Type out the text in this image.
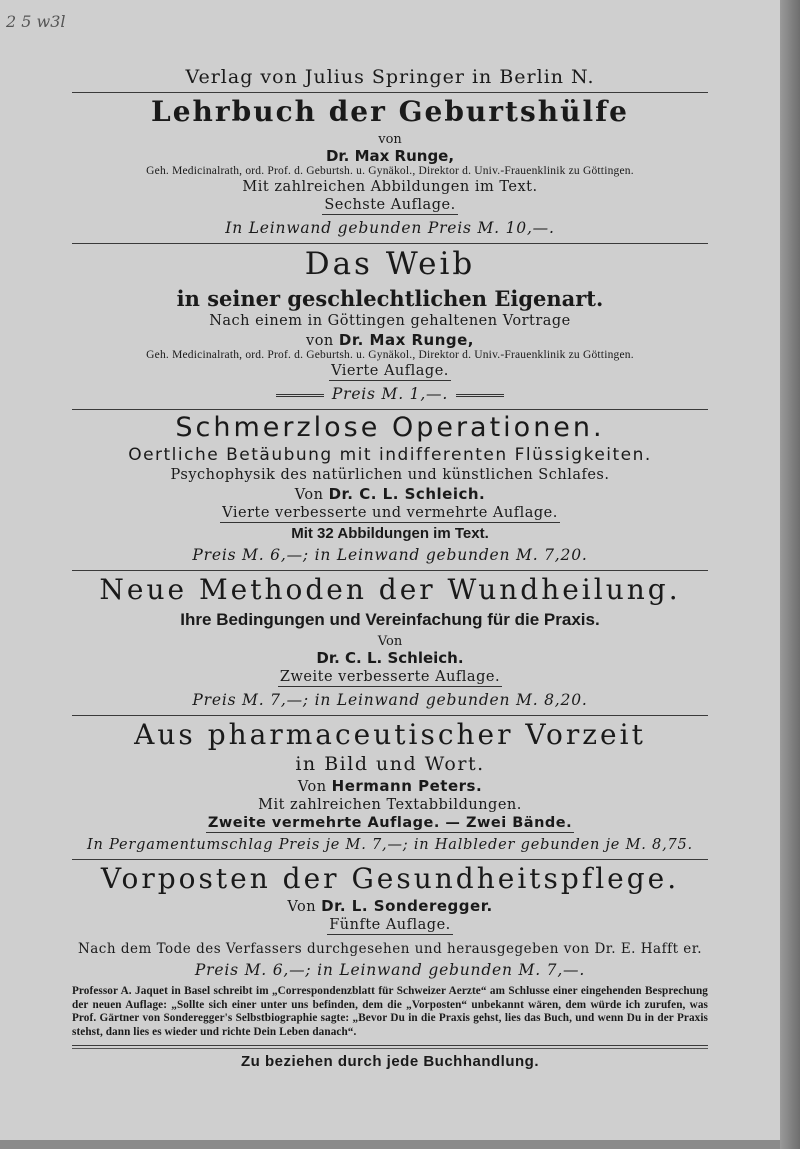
2 5 w3l
Verlag von Julius Springer in Berlin N.
Lehrbuch der Geburtshülfe
von
Dr. Max Runge,
Geh. Medicinalrath, ord. Prof. d. Geburtsh. u. Gynäkol., Direktor d. Univ.-Frauenklinik zu Göttingen.
Mit zahlreichen Abbildungen im Text.
Sechste Auflage.
In Leinwand gebunden Preis M. 10,—.
Das Weib
in seiner geschlechtlichen Eigenart.
Nach einem in Göttingen gehaltenen Vortrage
von Dr. Max Runge,
Geh. Medicinalrath, ord. Prof. d. Geburtsh. u. Gynäkol., Direktor d. Univ.-Frauenklinik zu Göttingen.
Vierte Auflage.
Preis M. 1,—.
Schmerzlose Operationen.
Oertliche Betäubung mit indifferenten Flüssigkeiten.
Psychophysik des natürlichen und künstlichen Schlafes.
Von Dr. C. L. Schleich.
Vierte verbesserte und vermehrte Auflage.
Mit 32 Abbildungen im Text.
Preis M. 6,—; in Leinwand gebunden M. 7,20.
Neue Methoden der Wundheilung.
Ihre Bedingungen und Vereinfachung für die Praxis.
Von
Dr. C. L. Schleich.
Zweite verbesserte Auflage.
Preis M. 7,—; in Leinwand gebunden M. 8,20.
Aus pharmaceutischer Vorzeit
in Bild und Wort.
Von Hermann Peters.
Mit zahlreichen Textabbildungen.
Zweite vermehrte Auflage. — Zwei Bände.
In Pergamentumschlag Preis je M. 7,—; in Halbleder gebunden je M. 8,75.
Vorposten der Gesundheitspflege.
Von Dr. L. Sonderegger.
Fünfte Auflage.
Nach dem Tode des Verfassers durchgesehen und herausgegeben von Dr. E. Hafft er.
Preis M. 6,—; in Leinwand gebunden M. 7,—.
Professor A. Jaquet in Basel schreibt im „Correspondenzblatt für Schweizer Aerzte“ am Schlusse einer eingehenden Besprechung der neuen Auflage: „Sollte sich einer unter uns befinden, dem die „Vorposten“ unbekannt wären, dem würde ich zurufen, was Prof. Gärtner von Sonderegger's Selbstbiographie sagte: „Bevor Du in die Praxis gehst, lies das Buch, und wenn Du in der Praxis stehst, dann lies es wieder und richte Dein Leben danach“.
Zu beziehen durch jede Buchhandlung.
